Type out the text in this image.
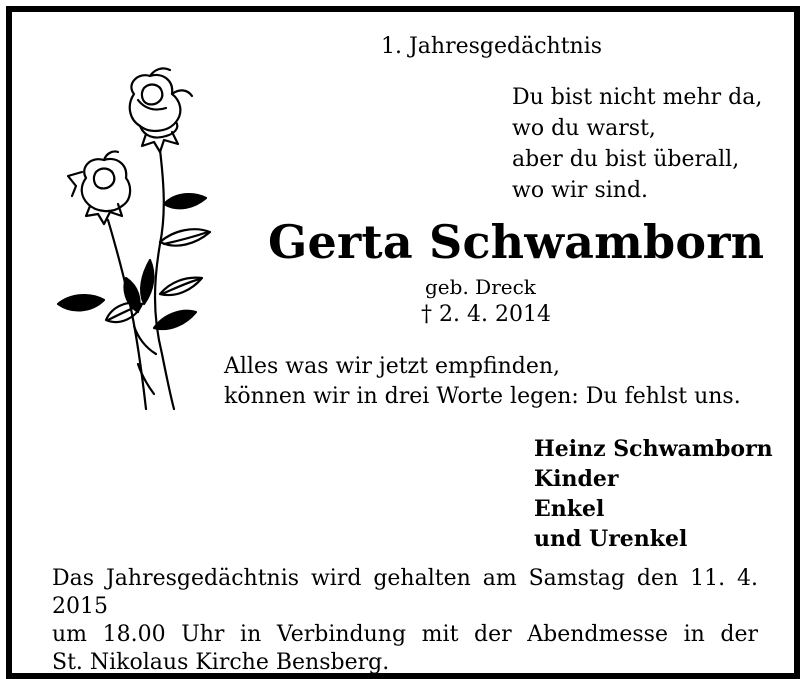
1. Jahresgedächtnis
Du bist nicht mehr da,
wo du warst,
aber du bist überall,
wo wir sind.
Gerta Schwamborn
geb. Dreck
† 2. 4. 2014
Alles was wir jetzt empfinden,
können wir in drei Worte legen: Du fehlst uns.
Heinz Schwamborn
Kinder
Enkel
und Urenkel
Das Jahresgedächtnis wird gehalten am Samstag den 11. 4. 2015
um 18.00 Uhr in Verbindung mit der Abendmesse in der
St. Nikolaus Kirche Bensberg.
